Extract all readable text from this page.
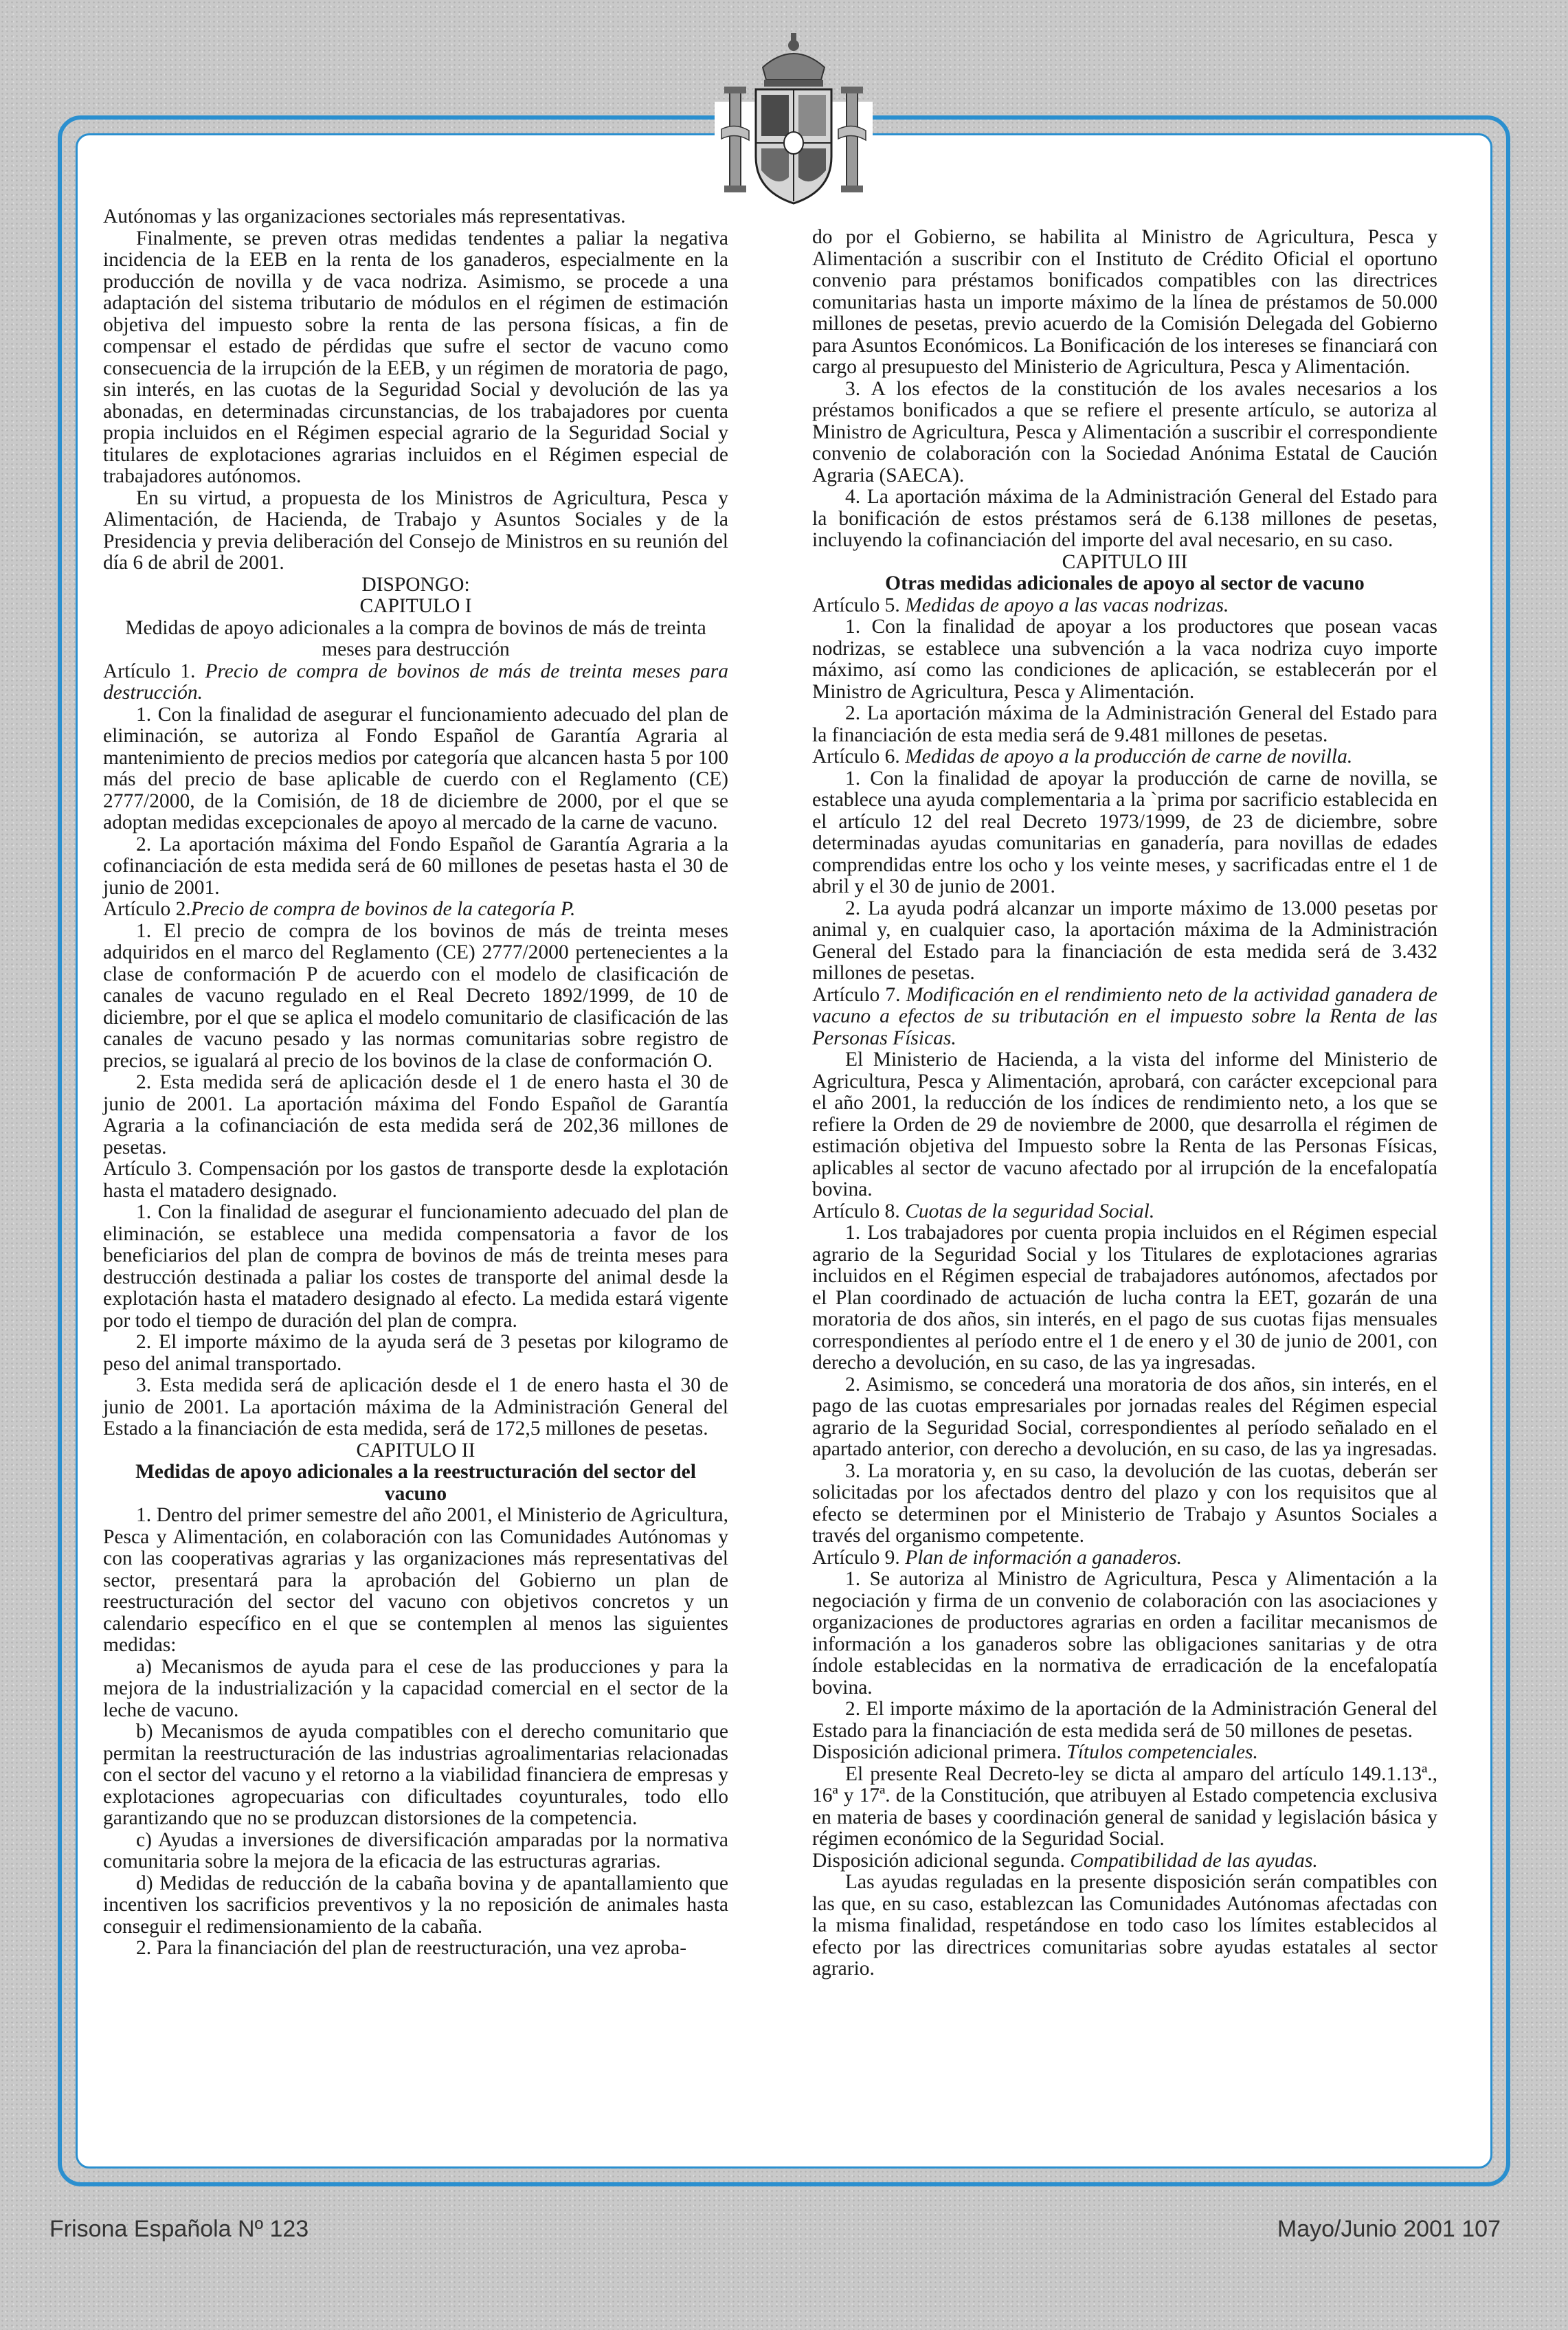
Autónomas y las organizaciones sectoriales más representativas.

Finalmente, se preven otras medidas tendentes a paliar la negativa incidencia de la EEB en la renta de los ganaderos, especialmente en la producción de novilla y de vaca nodriza. Asimismo, se procede a una adaptación del sistema tributario de módulos en el régimen de estimación objetiva del impuesto sobre la renta de las persona físicas, a fin de compensar el estado de pérdidas que sufre el sector de vacuno como consecuencia de la irrupción de la EEB, y un régimen de moratoria de pago, sin interés, en las cuotas de la Seguridad Social y devolución de las ya abonadas, en determinadas circunstancias, de los trabajadores por cuenta propia incluidos en el Régimen especial agrario de la Seguridad Social y titulares de explotaciones agrarias incluidos en el Régimen especial de trabajadores autónomos.

En su virtud, a propuesta de los Ministros de Agricultura, Pesca y Alimentación, de Hacienda, de Trabajo y Asuntos Sociales y de la Presidencia y previa deliberación del Consejo de Ministros en su reunión del día 6 de abril de 2001.

DISPONGO:

CAPITULO I

Medidas de apoyo adicionales a la compra de bovinos de más de treinta meses para destrucción

Artículo 1. Precio de compra de bovinos de más de treinta meses para destrucción.

1. Con la finalidad de asegurar el funcionamiento adecuado del plan de eliminación, se autoriza al Fondo Español de Garantía Agraria al mantenimiento de precios medios por categoría que alcancen hasta 5 por 100 más del precio de base aplicable de cuerdo con el Reglamento (CE) 2777/2000, de la Comisión, de 18 de diciembre de 2000, por el que se adoptan medidas excepcionales de apoyo al mercado de la carne de vacuno.

2. La aportación máxima del Fondo Español de Garantía Agraria a la cofinanciación de esta medida será de 60 millones de pesetas hasta el 30 de junio de 2001.

Artículo 2.Precio de compra de bovinos de la categoría P.

1. El precio de compra de los bovinos de más de treinta meses adquiridos en el marco del Reglamento (CE) 2777/2000 pertenecientes a la clase de conformación P de acuerdo con el modelo de clasificación de canales de vacuno regulado en el Real Decreto 1892/1999, de 10 de diciembre, por el que se aplica el modelo comunitario de clasificación de las canales de vacuno pesado y las normas comunitarias sobre registro de precios, se igualará al precio de los bovinos de la clase de conformación O.

2. Esta medida será de aplicación desde el 1 de enero hasta el 30 de junio de 2001. La aportación máxima del Fondo Español de Garantía Agraria a la cofinanciación de esta medida será de 202,36 millones de pesetas.

Artículo 3. Compensación por los gastos de transporte desde la explotación hasta el matadero designado.

1. Con la finalidad de asegurar el funcionamiento adecuado del plan de eliminación, se establece una medida compensatoria a favor de los beneficiarios del plan de compra de bovinos de más de treinta meses para destrucción destinada a paliar los costes de transporte del animal desde la explotación hasta el matadero designado al efecto. La medida estará vigente por todo el tiempo de duración del plan de compra.

2. El importe máximo de la ayuda será de 3 pesetas por kilogramo de peso del animal transportado.

3. Esta medida será de aplicación desde el 1 de enero hasta el 30 de junio de 2001. La aportación máxima de la Administración General del Estado a la financiación de esta medida, será de 172,5 millones de pesetas.

CAPITULO II

Medidas de apoyo adicionales a la reestructuración del sector del vacuno

1. Dentro del primer semestre del año 2001, el Ministerio de Agricultura, Pesca y Alimentación, en colaboración con las Comunidades Autónomas y con las cooperativas agrarias y las organizaciones más representativas del sector, presentará para la aprobación del Gobierno un plan de reestructuración del sector del vacuno con objetivos concretos y un calendario específico en el que se contemplen al menos las siguientes medidas:

a) Mecanismos de ayuda para el cese de las producciones y para la mejora de la industrialización y la capacidad comercial en el sector de la leche de vacuno.

b) Mecanismos de ayuda compatibles con el derecho comunitario que permitan la reestructuración de las industrias agroalimentarias relacionadas con el sector del vacuno y el retorno a la viabilidad financiera de empresas y explotaciones agropecuarias con dificultades coyunturales, todo ello garantizando que no se produzcan distorsiones de la competencia.

c) Ayudas a inversiones de diversificación amparadas por la normativa comunitaria sobre la mejora de la eficacia de las estructuras agrarias.

d) Medidas de reducción de la cabaña bovina y de apantallamiento que incentiven los sacrificios preventivos y la no reposición de animales hasta conseguir el redimensionamiento de la cabaña.

2. Para la financiación del plan de reestructuración, una vez aproba-

do por el Gobierno, se habilita al Ministro de Agricultura, Pesca y Alimentación a suscribir con el Instituto de Crédito Oficial el oportuno convenio para préstamos bonificados compatibles con las directrices comunitarias hasta un importe máximo de la línea de préstamos de 50.000 millones de pesetas, previo acuerdo de la Comisión Delegada del Gobierno para Asuntos Económicos. La Bonificación de los intereses se financiará con cargo al presupuesto del Ministerio de Agricultura, Pesca y Alimentación.

3. A los efectos de la constitución de los avales necesarios a los préstamos bonificados a que se refiere el presente artículo, se autoriza al Ministro de Agricultura, Pesca y Alimentación a suscribir el correspondiente convenio de colaboración con la Sociedad Anónima Estatal de Caución Agraria (SAECA).

4. La aportación máxima de la Administración General del Estado para la bonificación de estos préstamos será de 6.138 millones de pesetas, incluyendo la cofinanciación del importe del aval necesario, en su caso.

CAPITULO III

Otras medidas adicionales de apoyo al sector de vacuno

Artículo 5. Medidas de apoyo a las vacas nodrizas.

1. Con la finalidad de apoyar a los productores que posean vacas nodrizas, se establece una subvención a la vaca nodriza cuyo importe máximo, así como las condiciones de aplicación, se establecerán por el Ministro de Agricultura, Pesca y Alimentación.

2. La aportación máxima de la Administración General del Estado para la financiación de esta media será de 9.481 millones de pesetas.

Artículo 6. Medidas de apoyo a la producción de carne de novilla.

1. Con la finalidad de apoyar la producción de carne de novilla, se establece una ayuda complementaria a la `prima por sacrificio establecida en el artículo 12 del real Decreto 1973/1999, de 23 de diciembre, sobre determinadas ayudas comunitarias en ganadería, para novillas de edades comprendidas entre los ocho y los veinte meses, y sacrificadas entre el 1 de abril y el 30 de junio de 2001.

2. La ayuda podrá alcanzar un importe máximo de 13.000 pesetas por animal y, en cualquier caso, la aportación máxima de la Administración General del Estado para la financiación de esta medida será de 3.432 millones de pesetas.

Artículo 7. Modificación en el rendimiento neto de la actividad ganadera de vacuno a efectos de su tributación en el impuesto sobre la Renta de las Personas Físicas.

El Ministerio de Hacienda, a la vista del informe del Ministerio de Agricultura, Pesca y Alimentación, aprobará, con carácter excepcional para el año 2001, la reducción de los índices de rendimiento neto, a los que se refiere la Orden de 29 de noviembre de 2000, que desarrolla el régimen de estimación objetiva del Impuesto sobre la Renta de las Personas Físicas, aplicables al sector de vacuno afectado por al irrupción de la encefalopatía bovina.

Artículo 8. Cuotas de la seguridad Social.

1. Los trabajadores por cuenta propia incluidos en el Régimen especial agrario de la Seguridad Social y los Titulares de explotaciones agrarias incluidos en el Régimen especial de trabajadores autónomos, afectados por el Plan coordinado de actuación de lucha contra la EET, gozarán de una moratoria de dos años, sin interés, en el pago de sus cuotas fijas mensuales correspondientes al período entre el 1 de enero y el 30 de junio de 2001, con derecho a devolución, en su caso, de las ya ingresadas.

2. Asimismo, se concederá una moratoria de dos años, sin interés, en el pago de las cuotas empresariales por jornadas reales del Régimen especial agrario de la Seguridad Social, correspondientes al período señalado en el apartado anterior, con derecho a devolución, en su caso, de las ya ingresadas.

3. La moratoria y, en su caso, la devolución de las cuotas, deberán ser solicitadas por los afectados dentro del plazo y con los requisitos que al efecto se determinen por el Ministerio de Trabajo y Asuntos Sociales a través del organismo competente.

Artículo 9. Plan de información a ganaderos.

1. Se autoriza al Ministro de Agricultura, Pesca y Alimentación a la negociación y firma de un convenio de colaboración con las asociaciones y organizaciones de productores agrarias en orden a facilitar mecanismos de información a los ganaderos sobre las obligaciones sanitarias y de otra índole establecidas en la normativa de erradicación de la encefalopatía bovina.

2. El importe máximo de la aportación de la Administración General del Estado para la financiación de esta medida será de 50 millones de pesetas.

Disposición adicional primera. Títulos competenciales.

El presente Real Decreto-ley se dicta al amparo del artículo 149.1.13ª., 16ª y 17ª. de la Constitución, que atribuyen al Estado competencia exclusiva en materia de bases y coordinación general de sanidad y legislación básica y régimen económico de la Seguridad Social.

Disposición adicional segunda. Compatibilidad de las ayudas.

Las ayudas reguladas en la presente disposición serán compatibles con las que, en su caso, establezcan las Comunidades Autónomas afectadas con la misma finalidad, respetándose en todo caso los límites establecidos al efecto por las directrices comunitarias sobre ayudas estatales al sector agrario.

Frisona Española Nº 123	Mayo/Junio 2001 107
